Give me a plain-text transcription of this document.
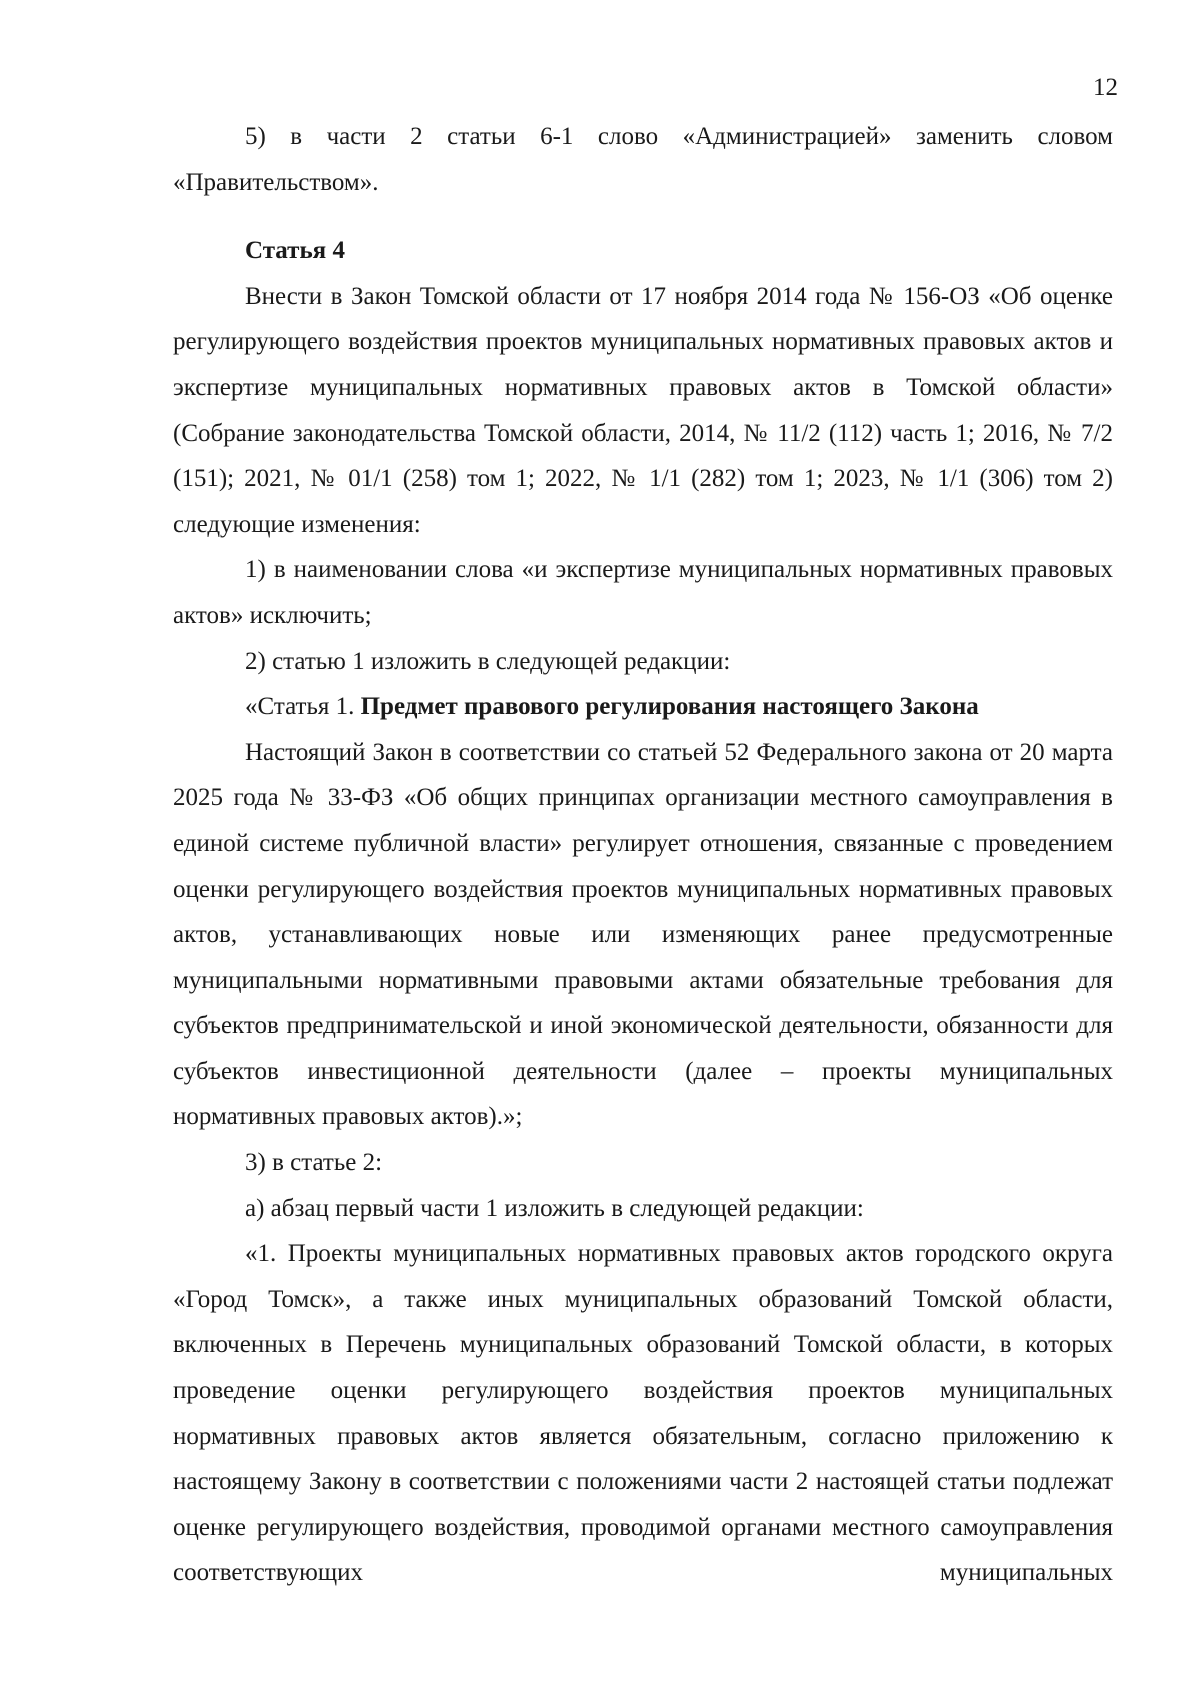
12

5) в части 2 статьи 6-1 слово «Администрацией» заменить словом «Правительством».

Статья 4

Внести в Закон Томской области от 17 ноября 2014 года № 156-ОЗ «Об оценке регулирующего воздействия проектов муниципальных нормативных правовых актов и экспертизе муниципальных нормативных правовых актов в Томской области» (Собрание законодательства Томской области, 2014, № 11/2 (112) часть 1; 2016, № 7/2 (151); 2021, № 01/1 (258) том 1; 2022, № 1/1 (282) том 1; 2023, № 1/1 (306) том 2) следующие изменения:

1) в наименовании слова «и экспертизе муниципальных нормативных правовых актов» исключить;

2) статью 1 изложить в следующей редакции:

«Статья 1. Предмет правового регулирования настоящего Закона

Настоящий Закон в соответствии со статьей 52 Федерального закона от 20 марта 2025 года № 33-ФЗ «Об общих принципах организации местного самоуправления в единой системе публичной власти» регулирует отношения, связанные с проведением оценки регулирующего воздействия проектов муниципальных нормативных правовых актов, устанавливающих новые или изменяющих ранее предусмотренные муниципальными нормативными правовыми актами обязательные требования для субъектов предпринимательской и иной экономической деятельности, обязанности для субъектов инвестиционной деятельности (далее – проекты муниципальных нормативных правовых актов).»;

3) в статье 2:

а) абзац первый части 1 изложить в следующей редакции:

«1. Проекты муниципальных нормативных правовых актов городского округа «Город Томск», а также иных муниципальных образований Томской области, включенных в Перечень муниципальных образований Томской области, в которых проведение оценки регулирующего воздействия проектов муниципальных нормативных правовых актов является обязательным, согласно приложению к настоящему Закону в соответствии с положениями части 2 настоящей статьи подлежат оценке регулирующего воздействия, проводимой органами местного самоуправления соответствующих муниципальных
